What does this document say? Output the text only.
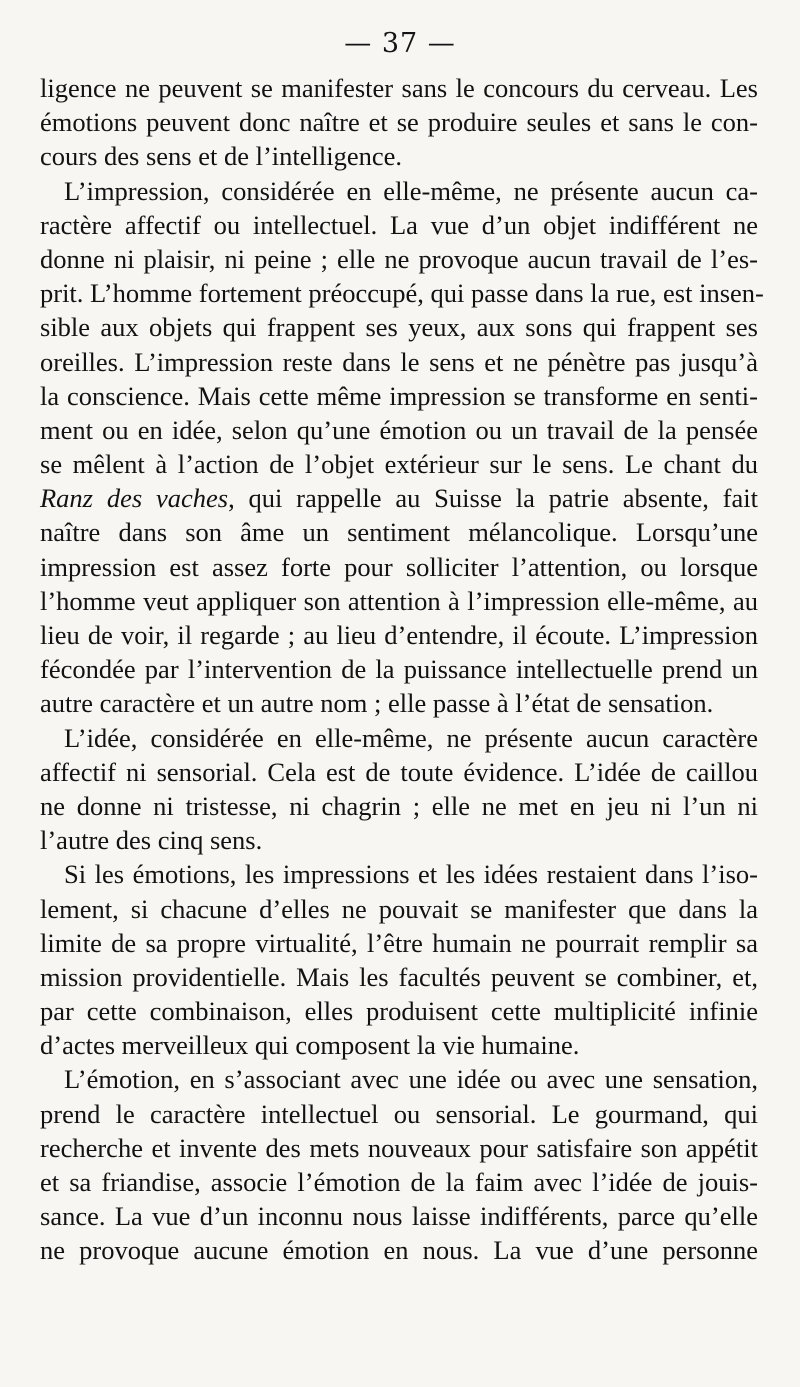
— 37 —
ligence ne peuvent se manifester sans le concours du cerveau. Les
émotions peuvent donc naître et se produire seules et sans le con-
cours des sens et de l’intelligence.
L’impression, considérée en elle-même, ne présente aucun ca-
ractère affectif ou intellectuel. La vue d’un objet indifférent ne
donne ni plaisir, ni peine ; elle ne provoque aucun travail de l’es-
prit. L’homme fortement préoccupé, qui passe dans la rue, est insen-
sible aux objets qui frappent ses yeux, aux sons qui frappent ses
oreilles. L’impression reste dans le sens et ne pénètre pas jusqu’à
la conscience. Mais cette même impression se transforme en senti-
ment ou en idée, selon qu’une émotion ou un travail de la pensée
se mêlent à l’action de l’objet extérieur sur le sens. Le chant du
Ranz des vaches, qui rappelle au Suisse la patrie absente, fait
naître dans son âme un sentiment mélancolique. Lorsqu’une
impression est assez forte pour solliciter l’attention, ou lorsque
l’homme veut appliquer son attention à l’impression elle-même, au
lieu de voir, il regarde ; au lieu d’entendre, il écoute. L’impression
fécondée par l’intervention de la puissance intellectuelle prend un
autre caractère et un autre nom ; elle passe à l’état de sensation.
L’idée, considérée en elle-même, ne présente aucun caractère
affectif ni sensorial. Cela est de toute évidence. L’idée de caillou
ne donne ni tristesse, ni chagrin ; elle ne met en jeu ni l’un ni
l’autre des cinq sens.
Si les émotions, les impressions et les idées restaient dans l’iso-
lement, si chacune d’elles ne pouvait se manifester que dans la
limite de sa propre virtualité, l’être humain ne pourrait remplir sa
mission providentielle. Mais les facultés peuvent se combiner, et,
par cette combinaison, elles produisent cette multiplicité infinie
d’actes merveilleux qui composent la vie humaine.
L’émotion, en s’associant avec une idée ou avec une sensation,
prend le caractère intellectuel ou sensorial. Le gourmand, qui
recherche et invente des mets nouveaux pour satisfaire son appétit
et sa friandise, associe l’émotion de la faim avec l’idée de jouis-
sance. La vue d’un inconnu nous laisse indifférents, parce qu’elle
ne provoque aucune émotion en nous. La vue d’une personne
